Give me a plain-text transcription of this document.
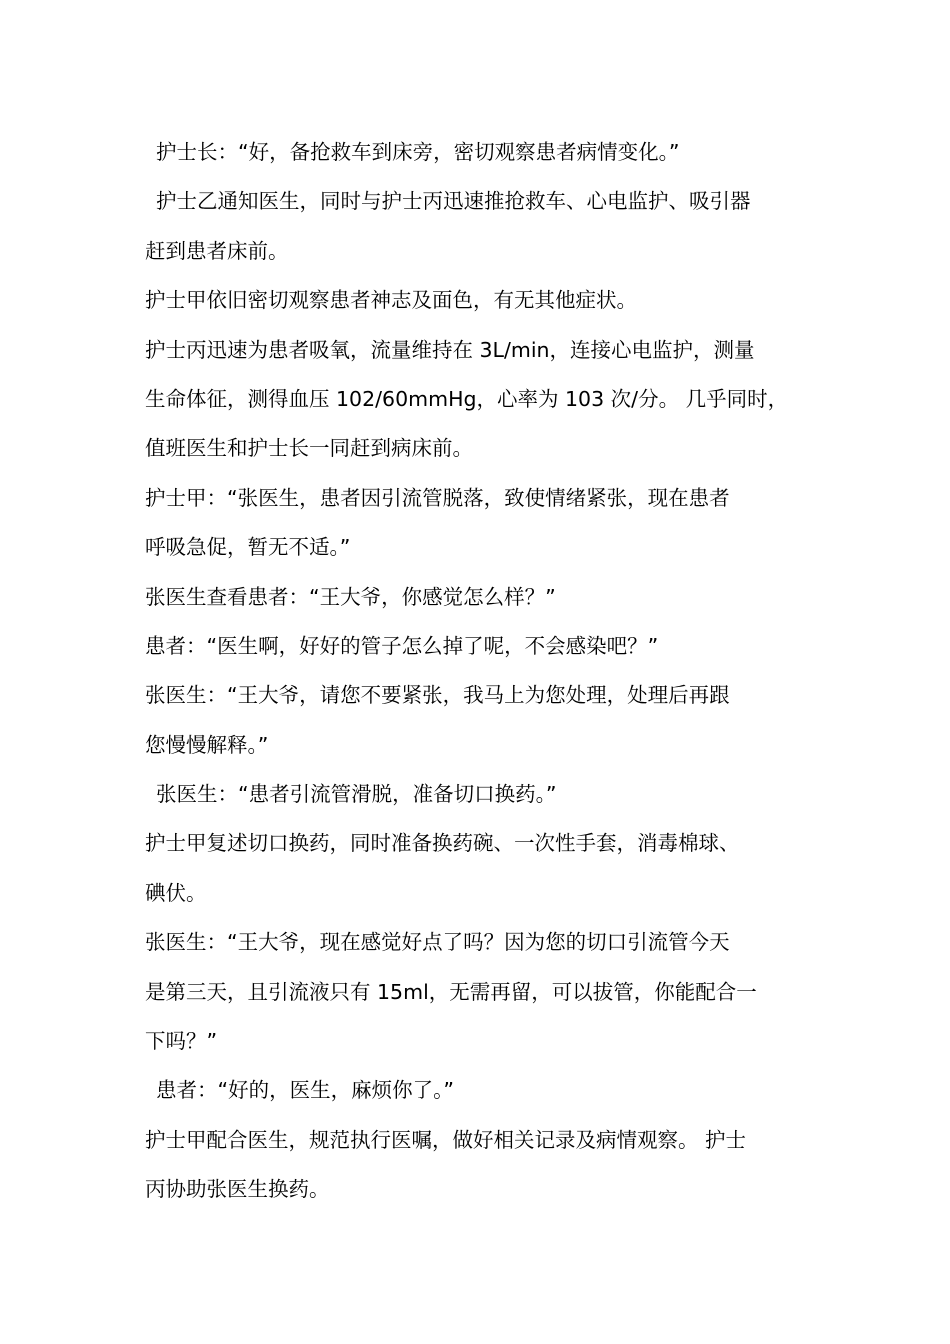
护士长：“好，备抢救车到床旁，密切观察患者病情变化。”
护士乙通知医生，同时与护士丙迅速推抢救车、心电监护、吸引器
赶到患者床前。
护士甲依旧密切观察患者神志及面色，有无其他症状。
护士丙迅速为患者吸氧，流量维持在 3L/min，连接心电监护，测量
生命体征，测得血压 102/60mmHg，心率为 103 次/分。 几乎同时，
值班医生和护士长一同赶到病床前。
护士甲：“张医生，患者因引流管脱落，致使情绪紧张，现在患者
呼吸急促，暂无不适。”
张医生查看患者：“王大爷，你感觉怎么样？”
患者：“医生啊，好好的管子怎么掉了呢，不会感染吧？”
张医生：“王大爷，请您不要紧张，我马上为您处理，处理后再跟
您慢慢解释。”
张医生：“患者引流管滑脱，准备切口换药。”
护士甲复述切口换药，同时准备换药碗、一次性手套，消毒棉球、
碘伏。
张医生：“王大爷，现在感觉好点了吗？因为您的切口引流管今天
是第三天，且引流液只有 15ml，无需再留，可以拔管，你能配合一
下吗？”
患者：“好的，医生，麻烦你了。”
护士甲配合医生，规范执行医嘱，做好相关记录及病情观察。 护士
丙协助张医生换药。
